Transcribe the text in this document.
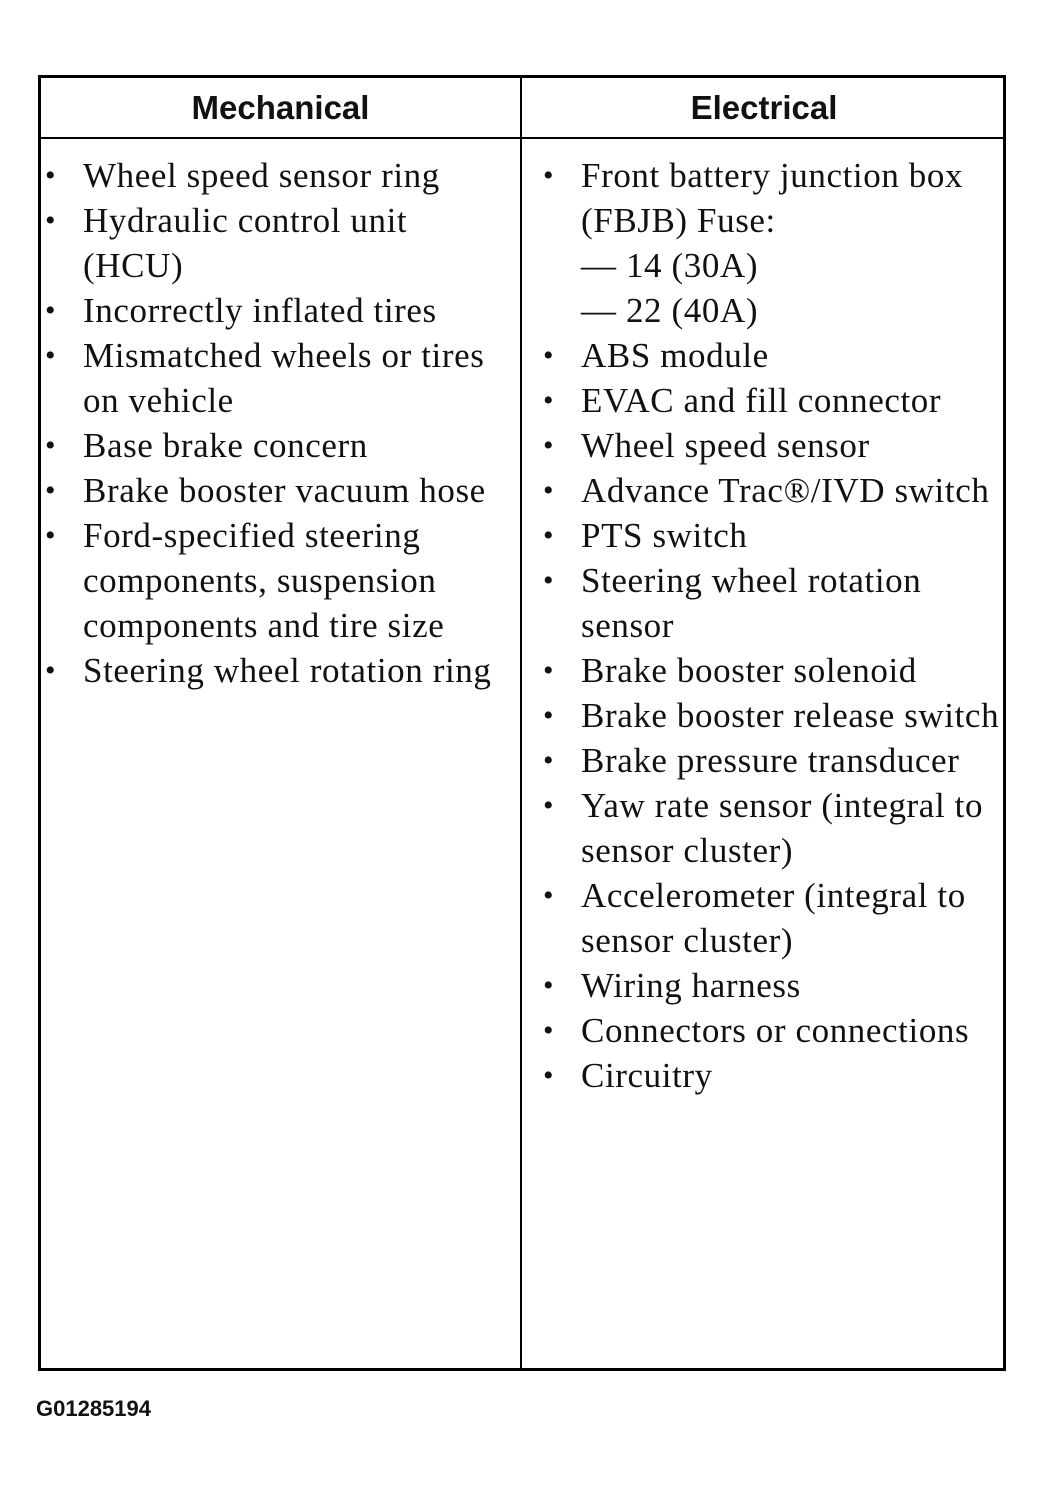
Mechanical	Electrical
• Wheel speed sensor ring
• Hydraulic control unit (HCU)
• Incorrectly inflated tires
• Mismatched wheels or tires on vehicle
• Base brake concern
• Brake booster vacuum hose
• Ford-specified steering components, suspension components and tire size
• Steering wheel rotation ring
• Front battery junction box (FBJB) Fuse:
— 14 (30A)
— 22 (40A)
• ABS module
• EVAC and fill connector
• Wheel speed sensor
• Advance Trac®/IVD switch
• PTS switch
• Steering wheel rotation sensor
• Brake booster solenoid
• Brake booster release switch
• Brake pressure transducer
• Yaw rate sensor (integral to sensor cluster)
• Accelerometer (integral to sensor cluster)
• Wiring harness
• Connectors or connections
• Circuitry
G01285194
